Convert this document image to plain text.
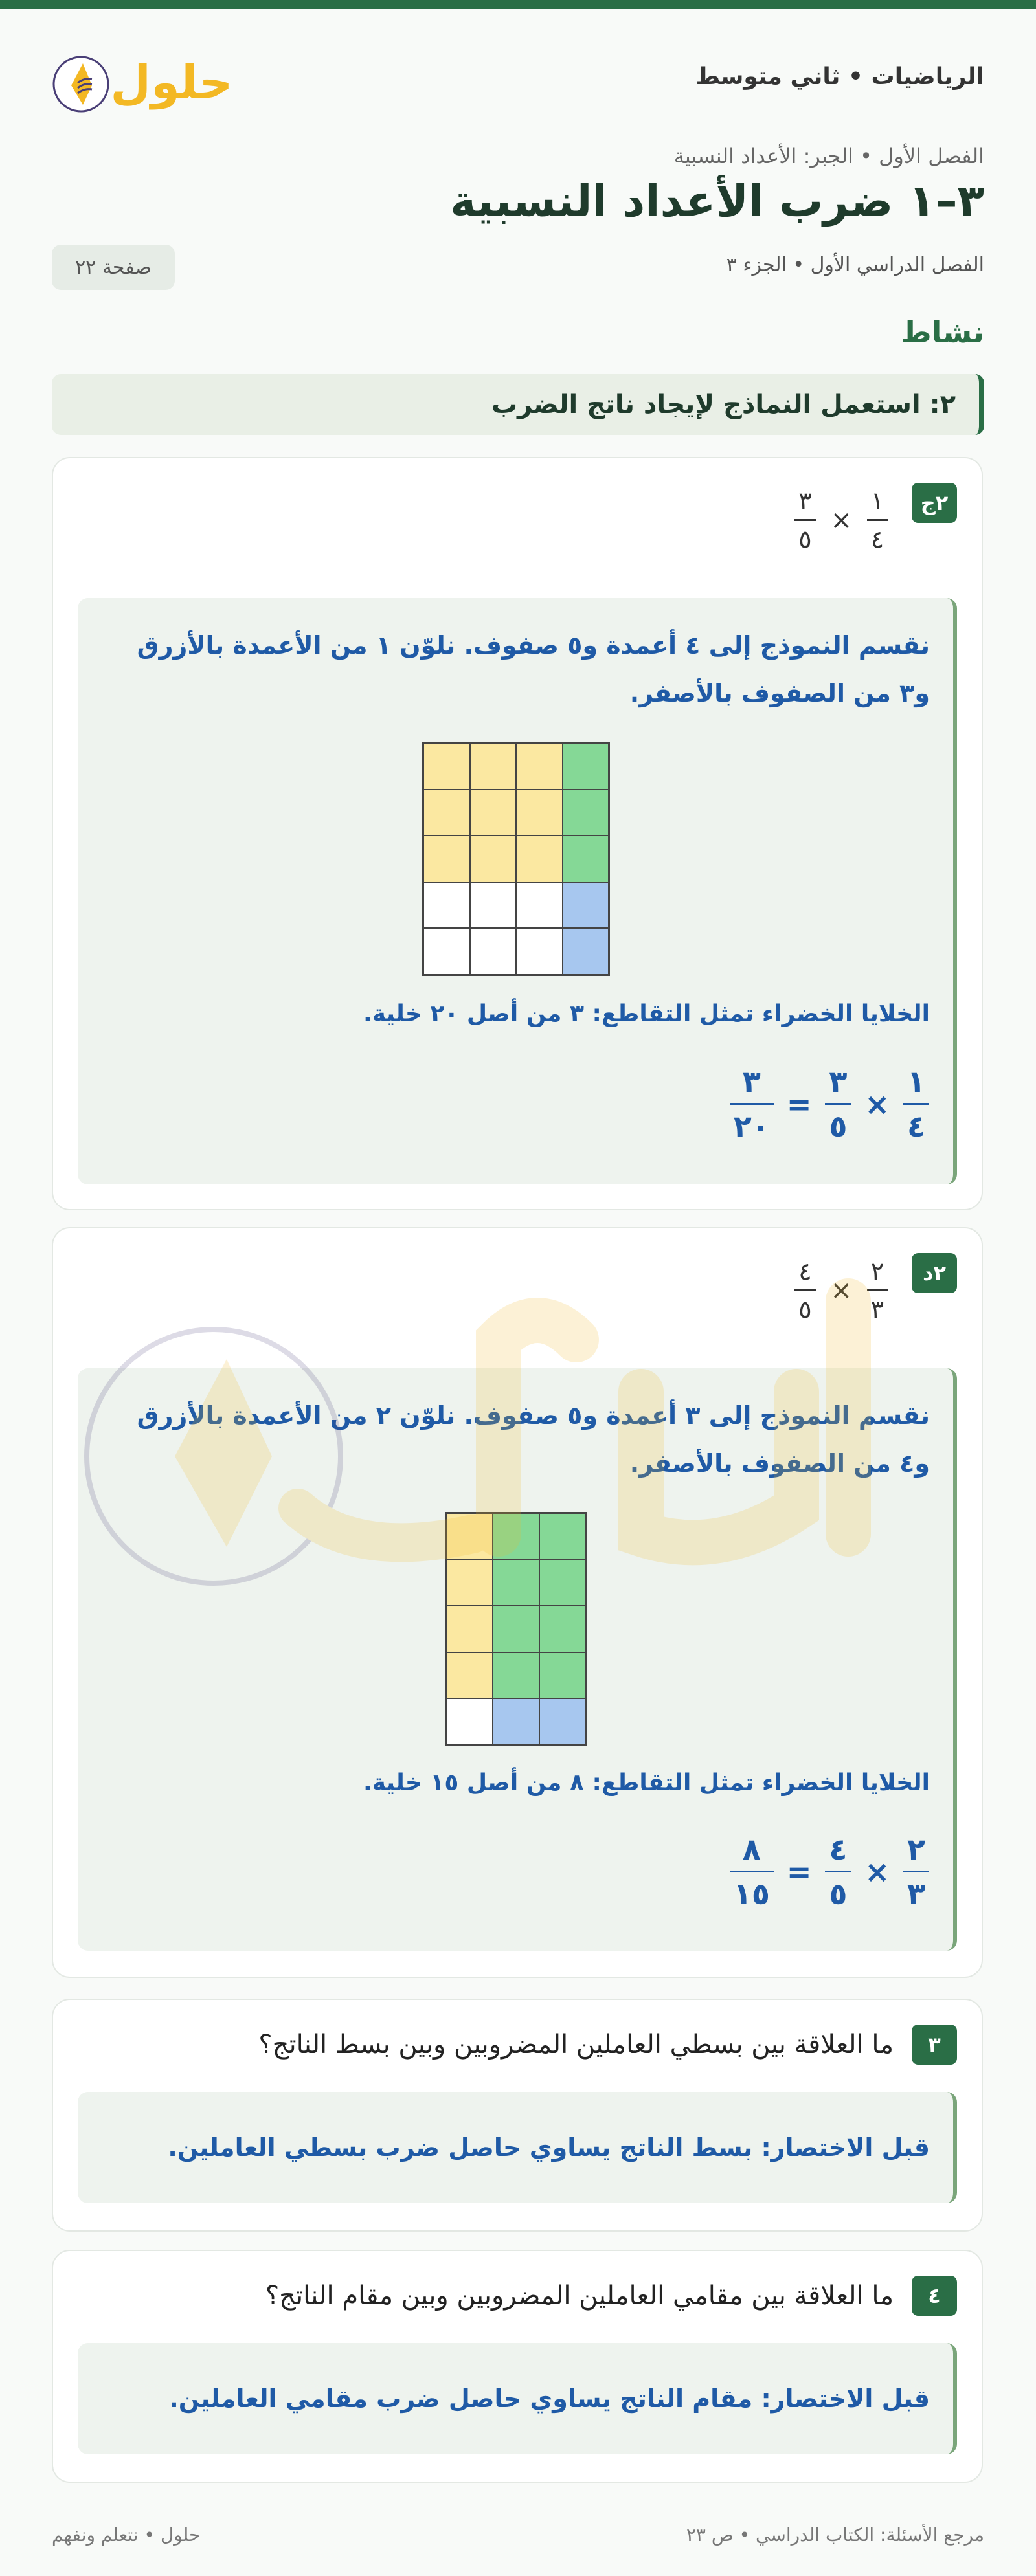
الرياضيات • ثاني متوسط
حلول
الفصل الأول • الجبر: الأعداد النسبية
٣–١ ضرب الأعداد النسبية
الفصل الدراسي الأول • الجزء ٣
صفحة ٢٢
نشاط
٢: استعمل النماذج لإيجاد ناتج الضرب
٢ج
$\frac{٣}{٥} \times \frac{١}{٤}$
نقسم النموذج إلى ٤ أعمدة و٥ صفوف. نلوّن ١ من الأعمدة بالأزرق و٣ من الصفوف بالأصفر.
الخلايا الخضراء تمثل التقاطع: ٣ من أصل ٢٠ خلية.
$\frac{٣}{٢٠} = \frac{٣}{٥} \times \frac{١}{٤}$
٢د
$\frac{٤}{٥} \times \frac{٢}{٣}$
نقسم النموذج إلى ٣ أعمدة و٥ صفوف. نلوّن ٢ من الأعمدة بالأزرق و٤ من الصفوف بالأصفر.
الخلايا الخضراء تمثل التقاطع: ٨ من أصل ١٥ خلية.
$\frac{٨}{١٥} = \frac{٤}{٥} \times \frac{٢}{٣}$
٣
ما العلاقة بين بسطي العاملين المضروبين وبين بسط الناتج؟
قبل الاختصار: بسط الناتج يساوي حاصل ضرب بسطي العاملين.
٤
ما العلاقة بين مقامي العاملين المضروبين وبين مقام الناتج؟
قبل الاختصار: مقام الناتج يساوي حاصل ضرب مقامي العاملين.
مرجع الأسئلة: الكتاب الدراسي • ص ٢٣
حلول • نتعلم ونفهم
